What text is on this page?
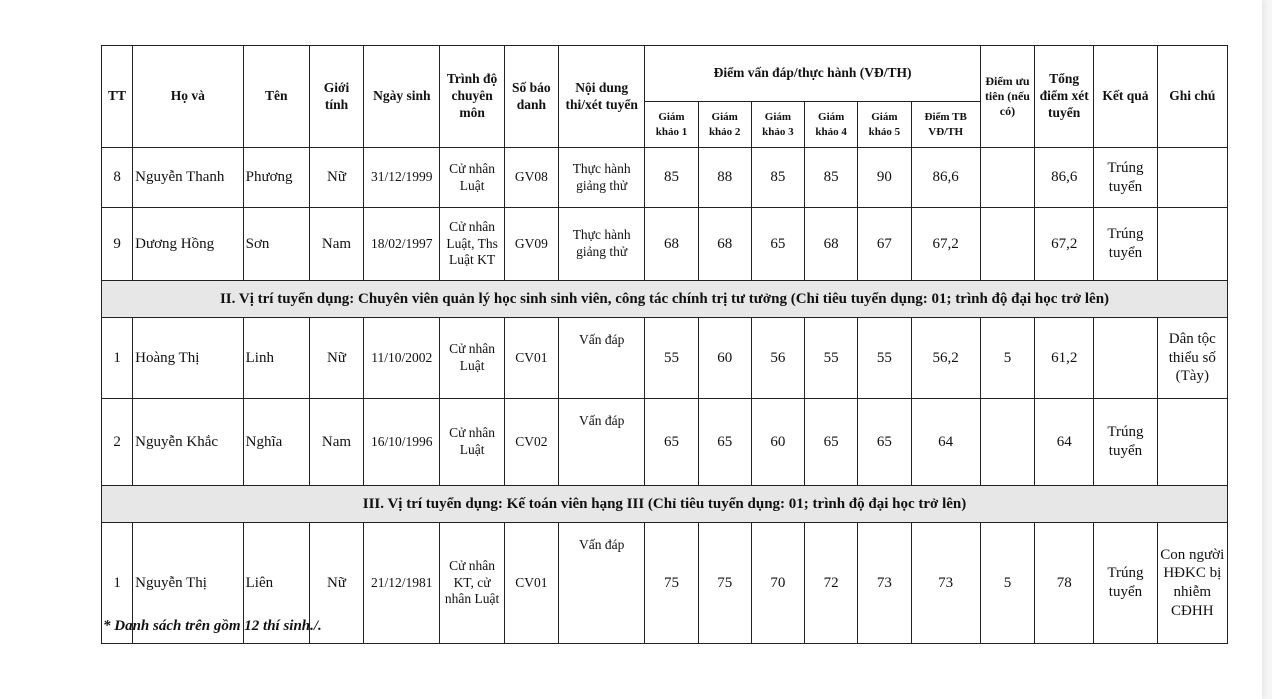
TT	Họ và	Tên	Giới tính	Ngày sinh	Trình độ chuyên môn	Số báo danh	Nội dung thi/xét tuyển	Điểm vấn đáp/thực hành (VĐ/TH)						Điểm ưu tiên (nếu có)	Tổng điểm xét tuyển	Kết quả	Ghi chú
								Giám khảo 1	Giám khảo 2	Giám khảo 3	Giám khảo 4	Giám khảo 5	Điểm TB VĐ/TH				
8	Nguyễn Thanh	Phương	Nữ	31/12/1999	Cử nhân Luật	GV08	Thực hành giảng thử	85	88	85	85	90	86,6		86,6	Trúng tuyển	
9	Dương Hồng	Sơn	Nam	18/02/1997	Cử nhân Luật, Ths Luật KT	GV09	Thực hành giảng thử	68	68	65	68	67	67,2		67,2	Trúng tuyển	
II. Vị trí tuyển dụng: Chuyên viên quản lý học sinh sinh viên, công tác chính trị tư tưởng (Chỉ tiêu tuyển dụng: 01; trình độ đại học trở lên)																	
1	Hoàng Thị	Linh	Nữ	11/10/2002	Cử nhân Luật	CV01	Vấn đáp	55	60	56	55	55	56,2	5	61,2		Dân tộc thiểu số (Tày)
2	Nguyễn Khắc	Nghĩa	Nam	16/10/1996	Cử nhân Luật	CV02	Vấn đáp	65	65	60	65	65	64		64	Trúng tuyển	
III. Vị trí tuyển dụng: Kế toán viên hạng III (Chỉ tiêu tuyển dụng: 01; trình độ đại học trở lên)																	
1	Nguyễn Thị	Liên	Nữ	21/12/1981	Cử nhân KT, cử nhân Luật	CV01	Vấn đáp	75	75	70	72	73	73	5	78	Trúng tuyển	Con người HĐKC bị nhiễm CĐHH
* Danh sách trên gồm 12 thí sinh./.
